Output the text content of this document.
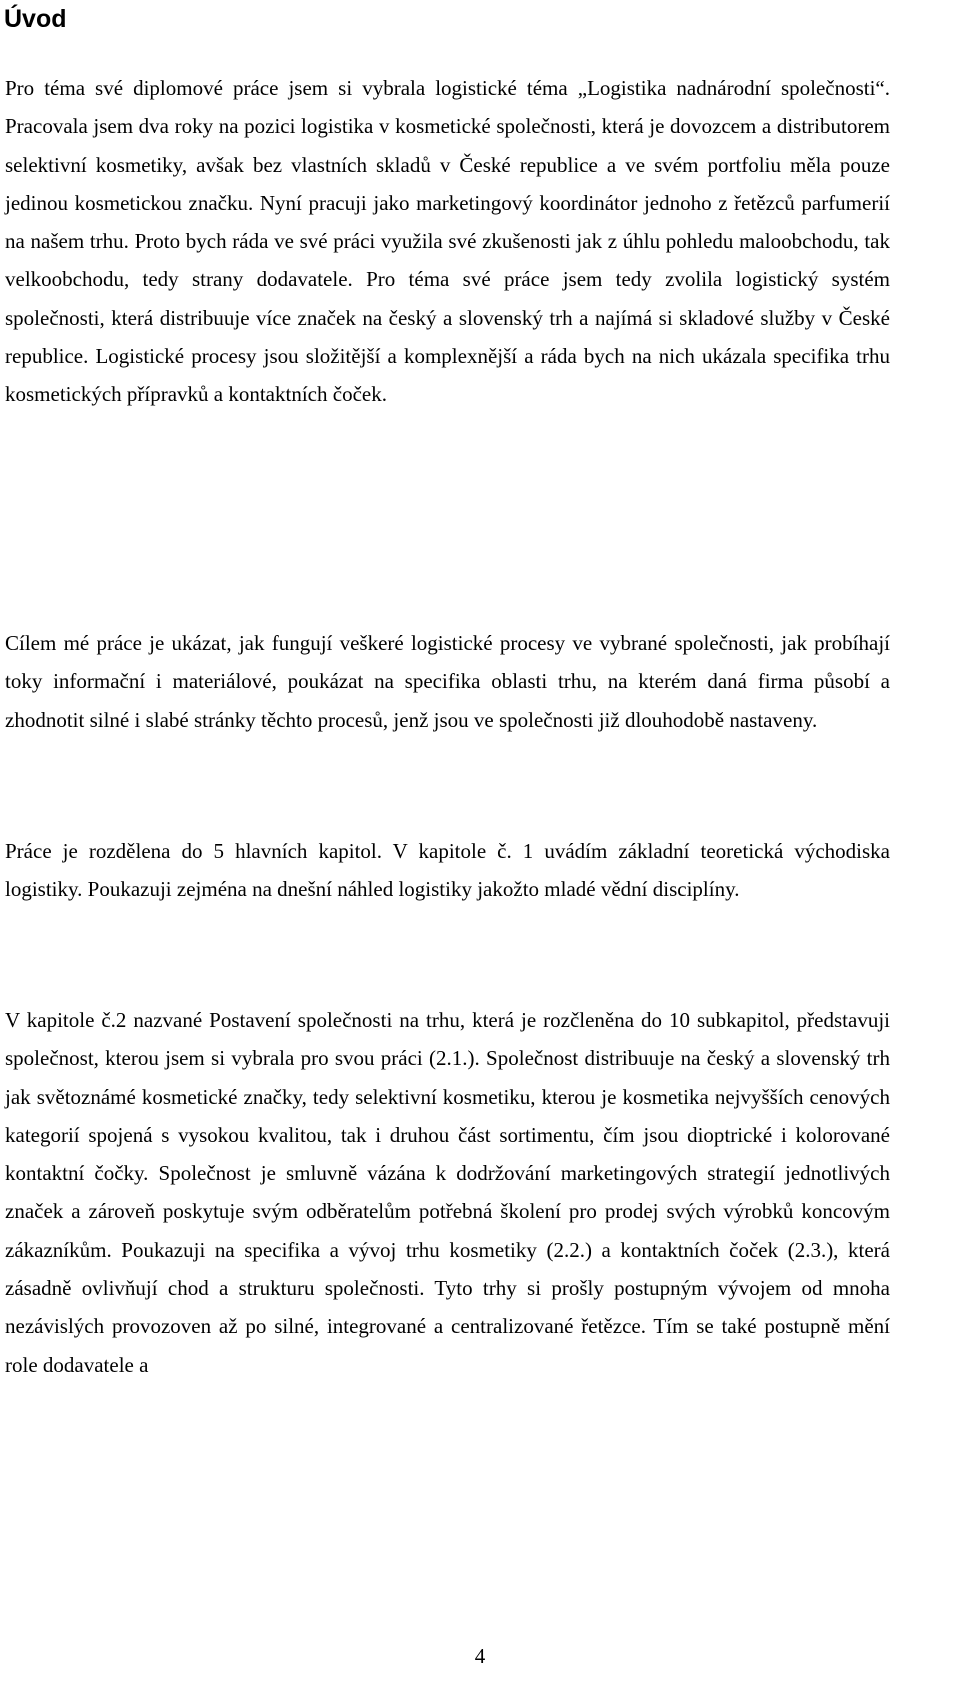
Úvod

Pro téma své diplomové práce jsem si vybrala logistické téma „Logistika nadnárodní společnosti“. Pracovala jsem dva roky na pozici logistika v kosmetické společnosti, která je dovozcem a distributorem selektivní kosmetiky, avšak bez vlastních skladů v České republice a ve svém portfoliu měla pouze jedinou kosmetickou značku. Nyní pracuji jako marketingový koordinátor jednoho z řetězců parfumerií na našem trhu. Proto bych ráda ve své práci využila své zkušenosti jak z úhlu pohledu maloobchodu, tak velkoobchodu, tedy strany dodavatele. Pro téma své práce jsem tedy zvolila logistický systém společnosti, která distribuuje více značek na český a slovenský trh a najímá si skladové služby v České republice. Logistické procesy jsou složitější a komplexnější a ráda bych na nich ukázala specifika trhu kosmetických přípravků a kontaktních čoček.

Cílem mé práce je ukázat, jak fungují veškeré logistické procesy ve vybrané společnosti, jak probíhají toky informační i materiálové, poukázat na specifika oblasti trhu, na kterém daná firma působí a zhodnotit silné i slabé stránky těchto procesů, jenž jsou ve společnosti již dlouhodobě nastaveny.

Práce je rozdělena do 5 hlavních kapitol. V kapitole č. 1 uvádím základní teoretická východiska logistiky. Poukazuji zejména na dnešní náhled logistiky jakožto mladé vědní disciplíny.

V kapitole č.2 nazvané Postavení společnosti na trhu, která je rozčleněna do 10 subkapitol, představuji společnost, kterou jsem si vybrala pro svou práci (2.1.). Společnost distribuuje na český a slovenský trh jak světoznámé kosmetické značky, tedy selektivní kosmetiku, kterou je kosmetika nejvyšších cenových kategorií spojená s vysokou kvalitou, tak i druhou část sortimentu, čím jsou dioptrické i kolorované kontaktní čočky. Společnost je smluvně vázána k dodržování marketingových strategií jednotlivých značek a zároveň poskytuje svým odběratelům potřebná školení pro prodej svých výrobků koncovým zákazníkům. Poukazuji na specifika a vývoj trhu kosmetiky (2.2.) a kontaktních čoček (2.3.), která zásadně ovlivňují chod a strukturu společnosti. Tyto trhy si prošly postupným vývojem od mnoha nezávislých provozoven až po silné, integrované a centralizované řetězce. Tím se také postupně mění role dodavatele a

4
